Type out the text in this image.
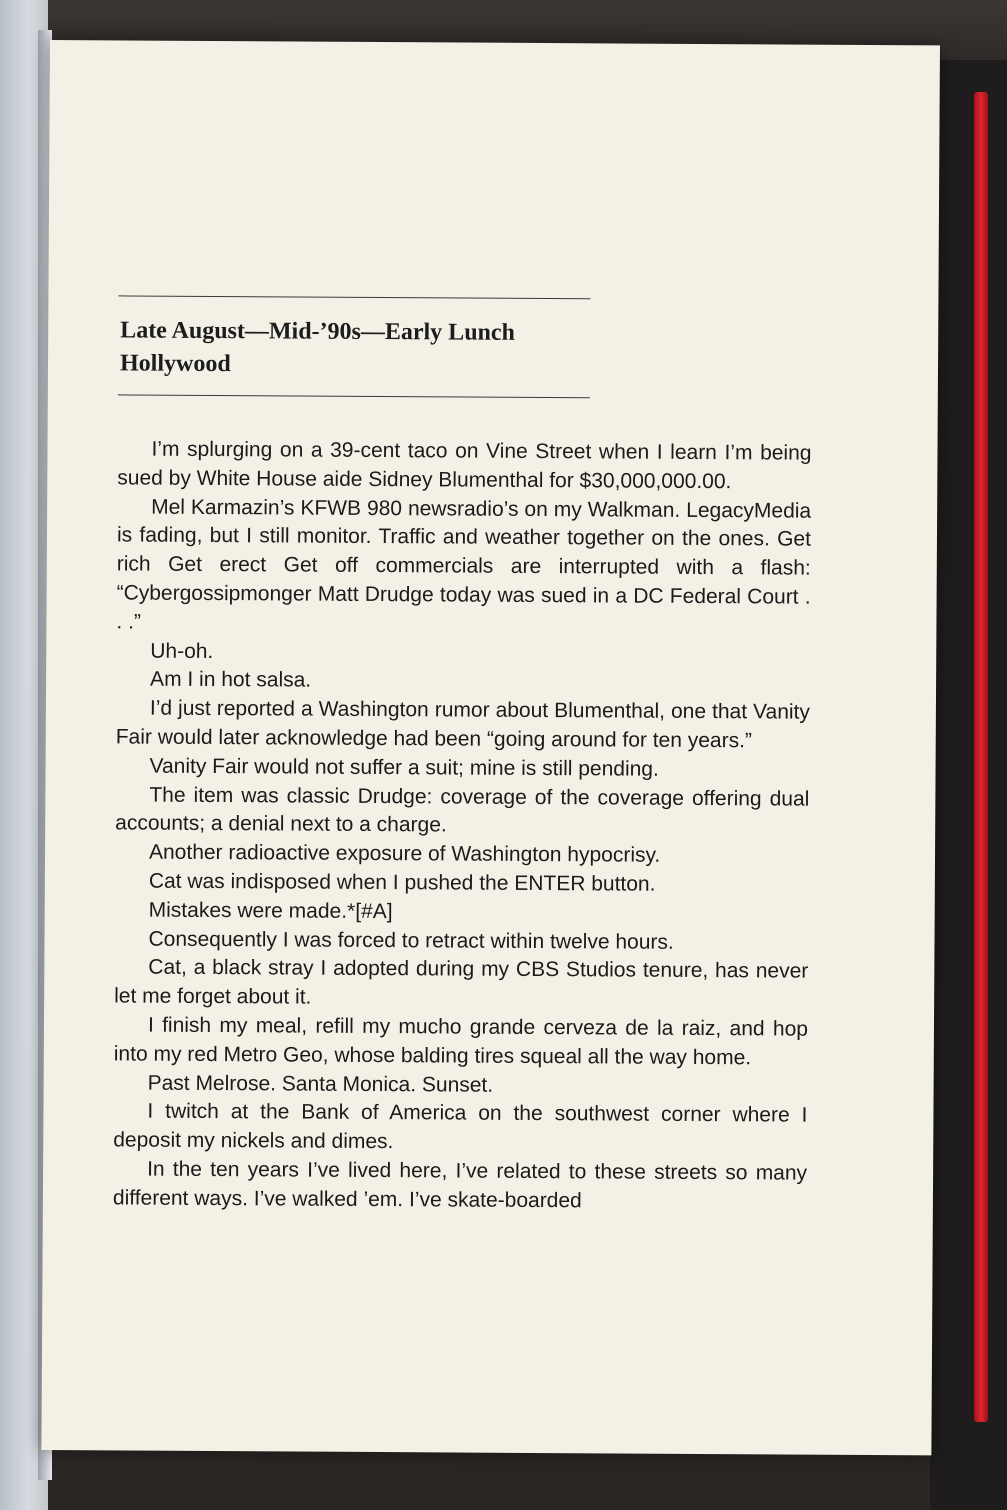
Late August—Mid-’90s—Early Lunch
Hollywood

I’m splurging on a 39-cent taco on Vine Street when I learn I’m being sued by White House aide Sidney Blumenthal for $30,000,000.00.

Mel Karmazin’s KFWB 980 newsradio’s on my Walkman. LegacyMedia is fading, but I still monitor. Traffic and weather together on the ones. Get rich Get erect Get off commercials are interrupted with a flash: “Cybergossipmonger Matt Drudge today was sued in a DC Federal Court . . .”

Uh-oh.

Am I in hot salsa.

I’d just reported a Washington rumor about Blumenthal, one that Vanity Fair would later acknowledge had been “going around for ten years.”

Vanity Fair would not suffer a suit; mine is still pending.

The item was classic Drudge: coverage of the coverage offering dual accounts; a denial next to a charge.

Another radioactive exposure of Washington hypocrisy.

Cat was indisposed when I pushed the ENTER button.

Mistakes were made.*[#A]

Consequently I was forced to retract within twelve hours.

Cat, a black stray I adopted during my CBS Studios tenure, has never let me forget about it.

I finish my meal, refill my mucho grande cerveza de la raiz, and hop into my red Metro Geo, whose balding tires squeal all the way home.

Past Melrose. Santa Monica. Sunset.

I twitch at the Bank of America on the southwest corner where I deposit my nickels and dimes.

In the ten years I’ve lived here, I’ve related to these streets so many different ways. I’ve walked ’em. I’ve skate-boarded
